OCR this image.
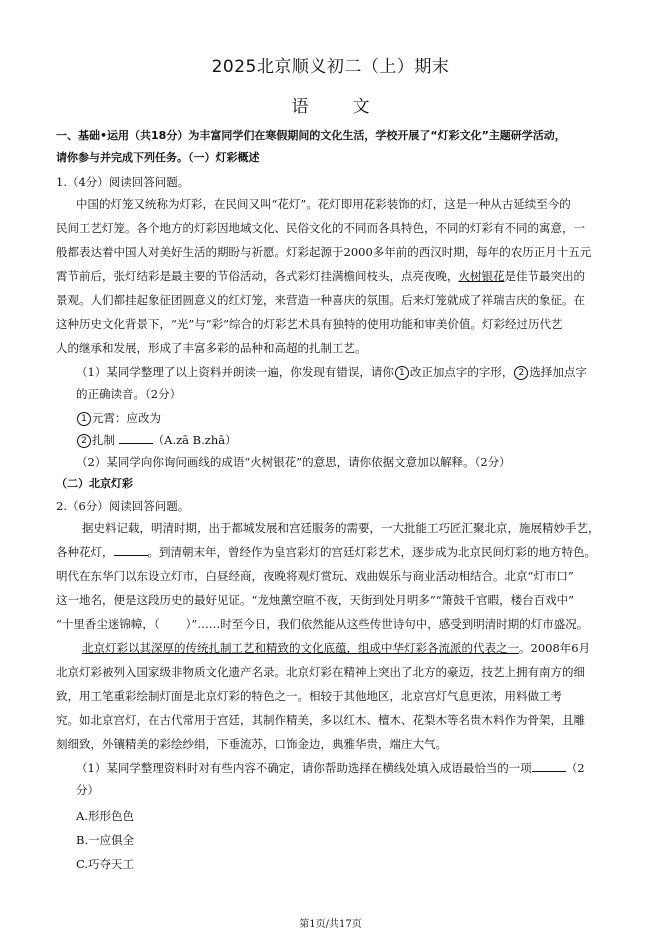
2025北京顺义初二（上）期末
语文
一、基础•运用（共18分）为丰富同学们在寒假期间的文化生活，学校开展了“灯彩文化”主题研学活动，
请你参与并完成下列任务。（一）灯彩概述
1.（4分）阅读回答问题。
中国的灯笼又统称为灯彩，在民间又叫“花灯”。花灯即用花彩装饰的灯，这是一种从古延续至今的
民间工艺灯笼。各个地方的灯彩因地域文化、民俗文化的不同而各具特色，不同的灯彩有不同的寓意，一
般都表达着中国人对美好生活的期盼与祈愿。灯彩起源于2000多年前的西汉时期，每年的农历正月十五元
霄节前后，张灯结彩是最主要的节俗活动，各式彩灯挂满檐间枝头，点亮夜晚，火树银花是佳节最突出的
景观。人们都挂起象征团圆意义的红灯笼，来营造一种喜庆的氛围。后来灯笼就成了祥瑞吉庆的象征。在
这种历史文化背景下，“光”与“彩”综合的灯彩艺术具有独特的使用功能和审美价值。灯彩经过历代艺
人的继承和发展，形成了丰富多彩的品种和高超的扎制工艺。
（1）某同学整理了以上资料并朗读一遍，你发现有错误，请你 1 改正加点字的字形， 2 选择加点字
的正确读音。（2分）
1 元霄：应改为
2 扎制	（A.zā B.zhā）
（2）某同学向你询问画线的成语“火树银花”的意思，请你依据文意加以解释。（2分）
（二）北京灯彩
2.（6分）阅读回答问题。
据史料记载，明清时期，出于都城发展和宫廷服务的需要，一大批能工巧匠汇聚北京，施展精妙手艺，
各种花灯，	。到清朝末年，曾经作为皇宫彩灯的宫廷灯彩艺术，逐步成为北京民间灯彩的地方特色。
明代在东华门以东设立灯市，白昼经商，夜晚将观灯赏玩、戏曲娱乐与商业活动相结合。北京“灯市口”
这一地名，便是这段历史的最好见证。“龙烛薰空暄不夜，天街到处月明多”“箫鼓千官暇，楼台百戏中”
“十里香尘迷锦幛，（ ）”……时至今日，我们依然能从这些传世诗句中，感受到明清时期的灯市盛况。
北京灯彩以其深厚的传统扎制工艺和精致的文化底蕴，组成中华灯彩各流派的代表之一。2008年6月
北京灯彩被列入国家级非物质文化遗产名录。北京灯彩在精神上突出了北方的豪迈，技艺上拥有南方的细
致，用工笔重彩绘制灯面是北京灯彩的特色之一。相较于其他地区，北京宫灯气息更浓，用料做工考
究。如北京宫灯，在古代常用于宫廷，其制作精美，多以红木、檀木、花梨木等名贵木料作为骨架，且雕
刻细致，外镶精美的彩绘纱绢，下垂流苏，口饰金边，典雅华贵，端庄大气。
（1）某同学整理资料时对有些内容不确定，请你帮助选择在横线处填入成语最恰当的一项	（2
分）
A.形形色色
B.一应俱全
C.巧夺天工
第1页/共17页
